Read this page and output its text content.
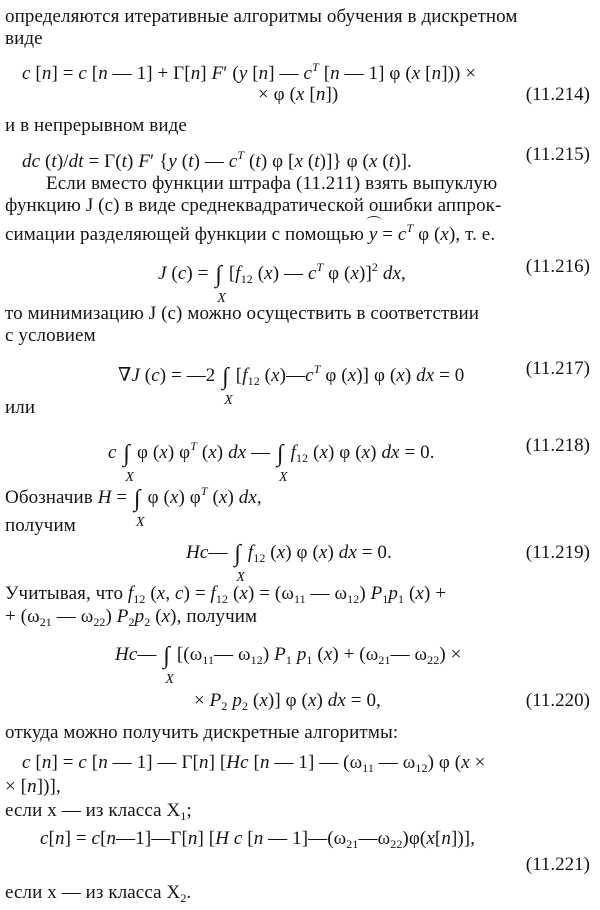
определяются итеративные алгоритмы обучения в дискретном
виде
c [n] = c [n — 1] + Г[n] F′ (y [n] — $c^T$ [n — 1] φ (x [n])) ×
× φ (x [n])	(11.214)
и в непрерывном виде
dc (t)/dt = Г(t) F′ {y (t) — $c^T$ (t) φ [x (t)]} φ (x (t)].	(11.215)
Если вместо функции штрафа (11.211) взять выпуклую
функцию J (c) в виде среднеквадратической ошибки аппрок-
симации разделяющей функции с помощью $y = c^T$ φ (x), т. е.
J (c) = ∫
X
[$f_{12}$ (x) — $c^T$ φ (x)]$^2$ dx,	(11.216)
то минимизацию J (c) можно осуществить в соответствии
с условием
∇J (c) = —2 ∫
X
[$f_{12}$ $(x)—c^T$ φ (x)] φ (x) dx = 0	(11.217)
или
c ∫
X
φ (x) $\varphi^T$ (x) dx — ∫
X
$f_{12}$ (x) φ (x) dx = 0.	(11.218)
Обозначив H = ∫
X
φ (x) $\varphi^T$ (x) dx,
получим
Hc— ∫
X
$f_{12}$ (x) φ (x) dx = 0.	(11.219)
Учитывая, что $f_{12}$ (x, $c) = f_{12}$ $(x) = (\omega_{11}$ — $\omega_{12}$) $P_1p_1$ (x) +
+ ($\omega_{21}$ — $\omega_{22}$) $P_2p_2$ (x), получим
Hc— ∫
X
[($\omega_{11}—$ $\omega_{12}$) $P_1$ $p_1$ $(x) + (\omega_{21}—$ $\omega_{22}$) ×
× $P_2$ $p_2$ (x)] φ (x) dx = 0,	(11.220)
откуда можно получить дискретные алгоритмы:
c [n] = c [n — 1] — Г[n] [Hc [n — 1] — ($\omega_{11}$ — $\omega_{12}$) φ (x ×
× [n])],
если x — из класса $X_1$;
c[n] = c[n—1]—Г[n] [H c [n — $1]—(\omega_{21}—\omega_{22})\varphi(x[n])$],
(11.221)
если x — из класса $X_2$.
